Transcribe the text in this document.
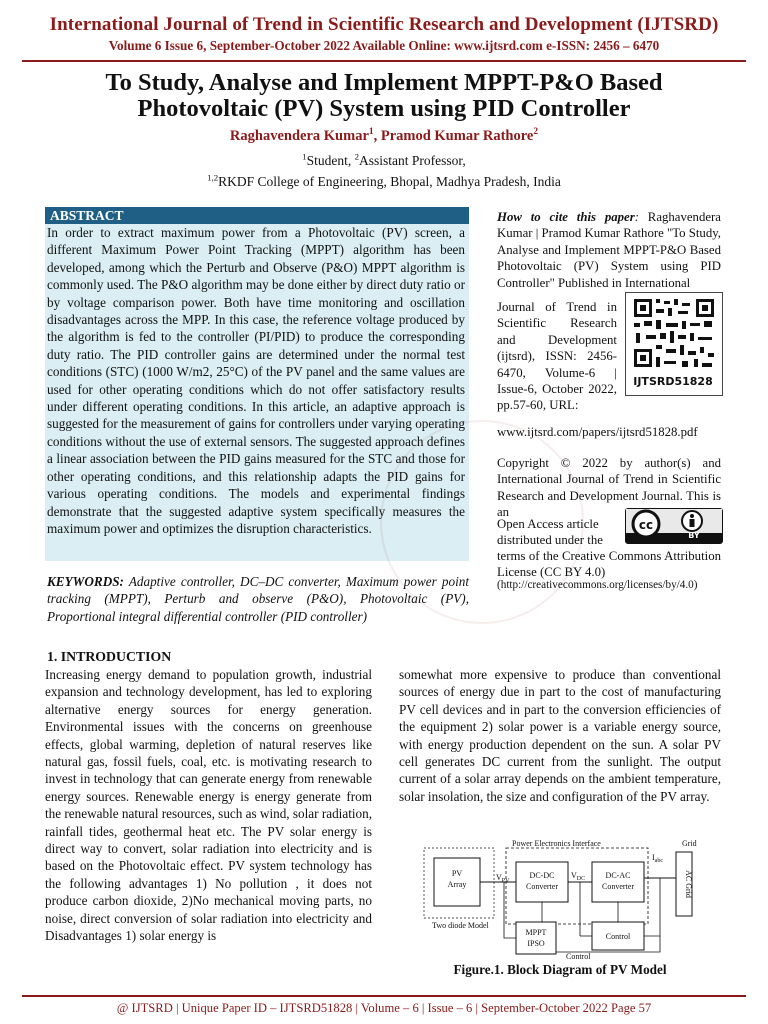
International Journal of Trend in Scientific Research and Development (IJTSRD)
Volume 6 Issue 6, September-October 2022 Available Online: www.ijtsrd.com e-ISSN: 2456 – 6470
To Study, Analyse and Implement MPPT-P&O Based
Photovoltaic (PV) System using PID Controller
Raghavendera Kumar$^1$, Pramod Kumar Rathore$^2$
$^1$Student, $^2$Assistant Professor,
$^{1,2}$RKDF College of Engineering, Bhopal, Madhya Pradesh, India
ABSTRACT
In order to extract maximum power from a Photovoltaic (PV) screen, a different Maximum Power Point Tracking (MPPT) algorithm has been developed, among which the Perturb and Observe (P&O) MPPT algorithm is commonly used. The P&O algorithm may be done either by direct duty ratio or by voltage comparison power. Both have time monitoring and oscillation disadvantages across the MPP. In this case, the reference voltage produced by the algorithm is fed to the controller (PI/PID) to produce the corresponding duty ratio. The PID controller gains are determined under the normal test conditions (STC) (1000 W/m2, 25°C) of the PV panel and the same values are used for other operating conditions which do not offer satisfactory results under different operating conditions. In this article, an adaptive approach is suggested for the measurement of gains for controllers under varying operating conditions without the use of external sensors. The suggested approach defines a linear association between the PID gains measured for the STC and those for other operating conditions, and this relationship adapts the PID gains for various operating conditions. The models and experimental findings demonstrate that the suggested adaptive system specifically measures the maximum power and optimizes the disruption characteristics.
KEYWORDS: Adaptive controller, DC–DC converter, Maximum power point tracking (MPPT), Perturb and observe (P&O), Photovoltaic (PV), Proportional integral differential controller (PID controller)
How to cite this paper: Raghavendera Kumar | Pramod Kumar Rathore "To Study, Analyse and Implement MPPT-P&O Based Photovoltaic (PV) System using PID Controller" Published in International
Journal of Trend in Scientific Research and Development (ijtsrd), ISSN: 2456-6470, Volume-6 | Issue-6, October 2022, pp.57-60, URL:
IJTSRD51828
www.ijtsrd.com/papers/ijtsrd51828.pdf
Copyright © 2022 by author(s) and International Journal of Trend in Scientific Research and Development Journal. This is an
Open Access article distributed under the
cc
BY
terms of the Creative Commons Attribution License (CC BY 4.0)
(http://creativecommons.org/licenses/by/4.0)
1. INTRODUCTION
Increasing energy demand to population growth, industrial expansion and technology development, has led to exploring alternative energy sources for energy generation. Environmental issues with the concerns on greenhouse effects, global warming, depletion of natural reserves like natural gas, fossil fuels, coal, etc. is motivating research to invest in technology that can generate energy from renewable energy sources. Renewable energy is energy generate from the renewable natural resources, such as wind, solar radiation, rainfall tides, geothermal heat etc. The PV solar energy is direct way to convert, solar radiation into electricity and is based on the Photovoltaic effect. PV system technology has the following advantages 1) No pollution , it does not produce carbon dioxide, 2)No mechanical moving parts, no noise, direct conversion of solar radiation into electricity and Disadvantages 1) solar energy is
somewhat more expensive to produce than conventional sources of energy due in part to the cost of manufacturing PV cell devices and in part to the conversion efficiencies of the equipment 2) solar power is a variable energy source, with energy production dependent on the sun. A solar PV cell generates DC current from the sunlight. The output current of a solar array depends on the ambient temperature, solar insolation, the size and configuration of the PV array.
Power Electronics Interface	Grid
PV
Array
Two diode Model
$V_{PV}$
DC-DC
Converter
$V_{DC}$	DC-AC
Converter
$I_{abc}$
AC Grid
MPPT
IPSO
Control
Control
Figure.1. Block Diagram of PV Model
@ IJTSRD | Unique Paper ID – IJTSRD51828 | Volume – 6 | Issue – 6 | September-October 2022 Page 57
